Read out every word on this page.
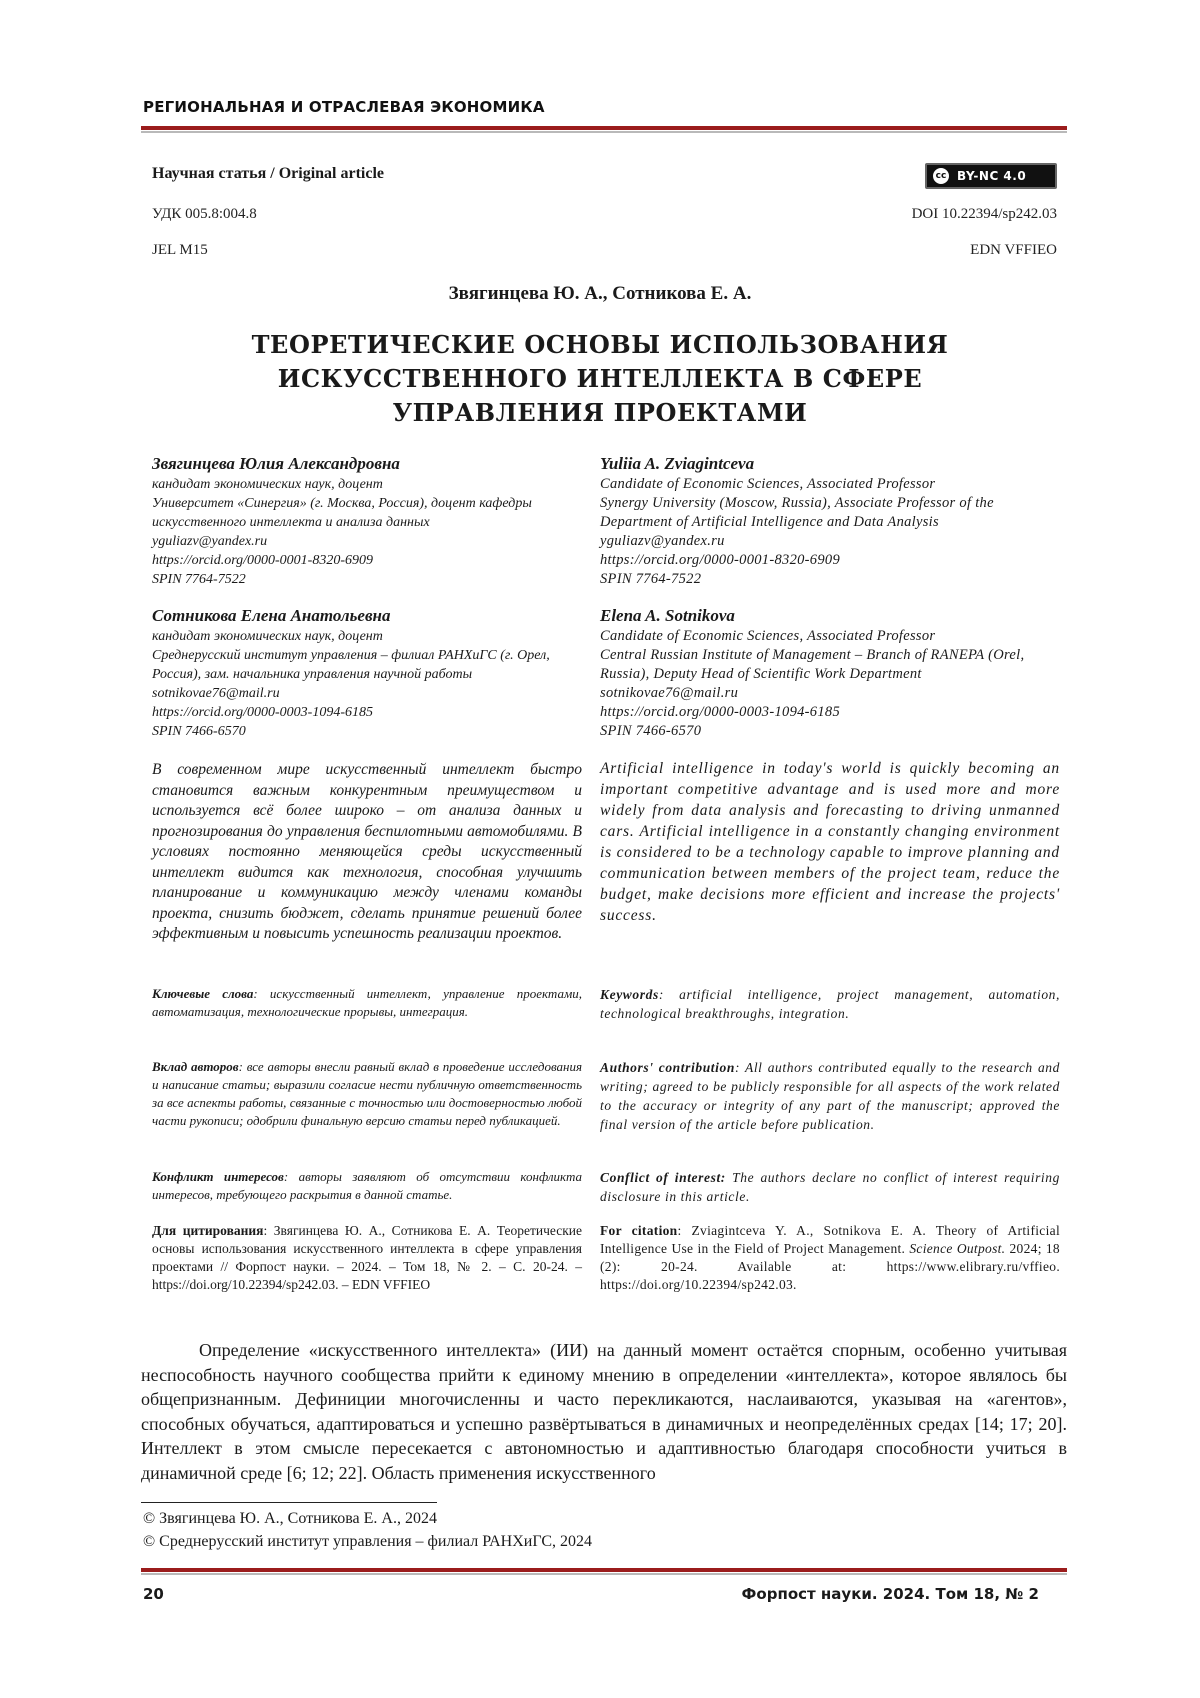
РЕГИОНАЛЬНАЯ И ОТРАСЛЕВАЯ ЭКОНОМИКА
Научная статья / Original article	cc BY-NC 4.0
УДК 005.8:004.8	DOI 10.22394/sp242.03
JEL M15	EDN VFFIEO
Звягинцева Ю. А., Сотникова Е. А.
ТЕОРЕТИЧЕСКИЕ ОСНОВЫ ИСПОЛЬЗОВАНИЯ
ИСКУССТВЕННОГО ИНТЕЛЛЕКТА В СФЕРЕ
УПРАВЛЕНИЯ ПРОЕКТАМИ
Звягинцева Юлия Александровна
кандидат экономических наук, доцент
Университет «Синергия» (г. Москва, Россия), доцент кафедры искусственного интеллекта и анализа данных
yguliazv@yandex.ru
https://orcid.org/0000-0001-8320-6909
SPIN 7764-7522
Yuliia A. Zviagintceva
Candidate of Economic Sciences, Associated Professor
Synergy University (Moscow, Russia), Associate Professor of the Department of Artificial Intelligence and Data Analysis
yguliazv@yandex.ru
https://orcid.org/0000-0001-8320-6909
SPIN 7764-7522
Сотникова Елена Анатольевна
кандидат экономических наук, доцент
Среднерусский институт управления – филиал РАНХиГС (г. Орел, Россия), зам. начальника управления научной работы
sotnikovae76@mail.ru
https://orcid.org/0000-0003-1094-6185
SPIN 7466-6570
Elena A. Sotnikova
Candidate of Economic Sciences, Associated Professor
Central Russian Institute of Management – Branch of RANEPA (Orel, Russia), Deputy Head of Scientific Work Department
sotnikovae76@mail.ru
https://orcid.org/0000-0003-1094-6185
SPIN 7466-6570
В современном мире искусственный интеллект быстро становится важным конкурентным преимуществом и используется всё более широко – от анализа данных и прогнозирования до управления беспилотными автомобилями. В условиях постоянно меняющейся среды искусственный интеллект видится как технология, способная улучшить планирование и коммуникацию между членами команды проекта, снизить бюджет, сделать принятие решений более эффективным и повысить успешность реализации проектов.
Artificial intelligence in today's world is quickly becoming an important competitive advantage and is used more and more widely from data analysis and forecasting to driving unmanned cars. Artificial intelligence in a constantly changing environment is considered to be a technology capable to improve planning and communication between members of the project team, reduce the budget, make decisions more efficient and increase the projects' success.
Ключевые слова: искусственный интеллект, управление проектами, автоматизация, технологические прорывы, интеграция.
Keywords: artificial intelligence, project management, automation, technological breakthroughs, integration.
Вклад авторов: все авторы внесли равный вклад в проведение исследования и написание статьи; выразили согласие нести публичную ответственность за все аспекты работы, связанные с точностью или достоверностью любой части рукописи; одобрили финальную версию статьи перед публикацией.
Authors' contribution: All authors contributed equally to the research and writing; agreed to be publicly responsible for all aspects of the work related to the accuracy or integrity of any part of the manuscript; approved the final version of the article before publication.
Конфликт интересов: авторы заявляют об отсутствии конфликта интересов, требующего раскрытия в данной статье.
Conflict of interest: The authors declare no conflict of interest requiring disclosure in this article.
Для цитирования: Звягинцева Ю. А., Сотникова Е. А. Теоретические основы использования искусственного интеллекта в сфере управления проектами // Форпост науки. – 2024. – Том 18, № 2. – С. 20-24. – https://doi.org/10.22394/sp242.03. – EDN VFFIEO
For citation: Zviagintceva Y. A., Sotnikova E. A. Theory of Artificial Intelligence Use in the Field of Project Management. Science Outpost. 2024; 18 (2): 20-24. Available at: https://www.elibrary.ru/vffieo. https://doi.org/10.22394/sp242.03.

Определение «искусственного интеллекта» (ИИ) на данный момент остаётся спорным, особенно учитывая неспособность научного сообщества прийти к единому мнению в определении «интеллекта», которое являлось бы общепризнанным. Дефиниции многочисленны и часто перекликаются, наслаиваются, указывая на «агентов», способных обучаться, адаптироваться и успешно развёртываться в динамичных и неопределённых средах [14; 17; 20]. Интеллект в этом смысле пересекается с автономностью и адаптивностью благодаря способности учиться в динамичной среде [6; 12; 22]. Область применения искусственного

© Звягинцева Ю. А., Сотникова Е. А., 2024
© Среднерусский институт управления – филиал РАНХиГС, 2024
20	Форпост науки. 2024. Том 18, № 2
